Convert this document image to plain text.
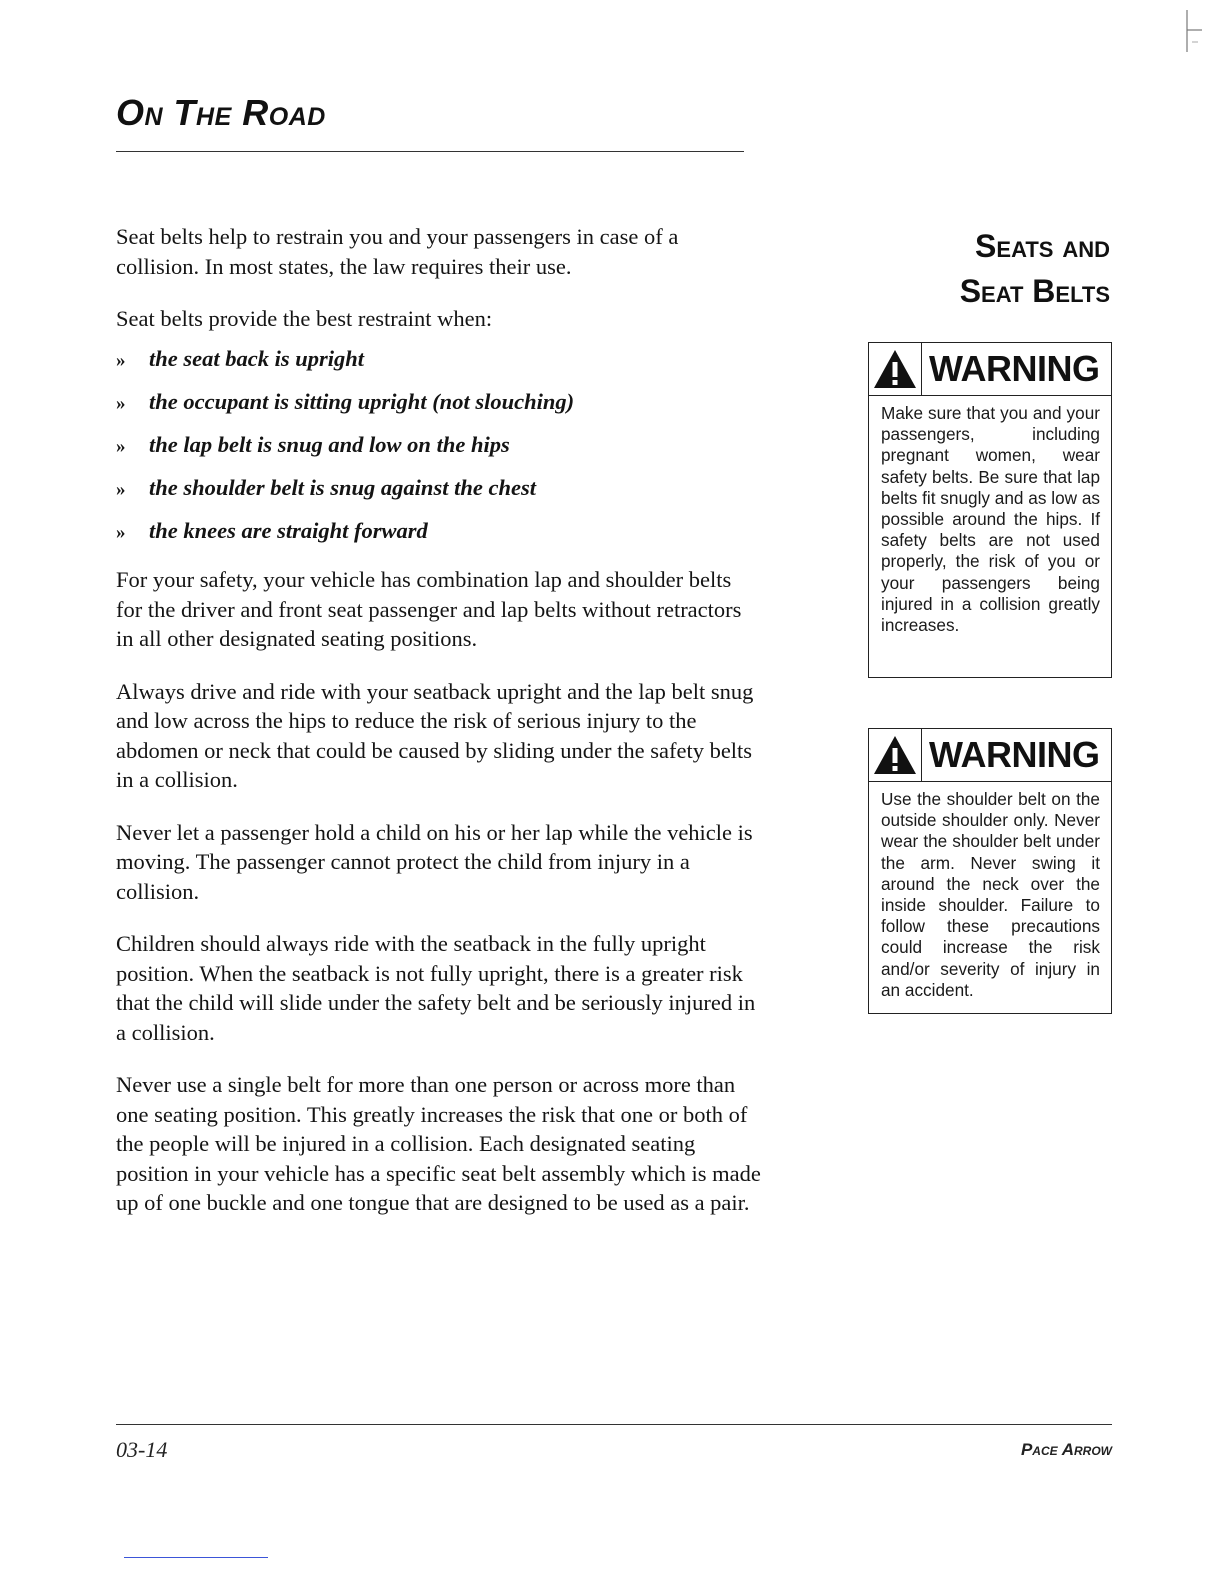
On The Road

Seat belts help to restrain you and your passengers in case of a collision. In most states, the law requires their use.

Seat belts provide the best restraint when:

»	the seat back is upright
»	the occupant is sitting upright (not slouching)
»	the lap belt is snug and low on the hips
»	the shoulder belt is snug against the chest
»	the knees are straight forward

For your safety, your vehicle has combination lap and shoulder belts for the driver and front seat passenger and lap belts without retractors in all other designated seating positions.

Always drive and ride with your seatback upright and the lap belt snug and low across the hips to reduce the risk of serious injury to the abdomen or neck that could be caused by sliding under the safety belts in a collision.

Never let a passenger hold a child on his or her lap while the vehicle is moving. The passenger cannot protect the child from injury in a collision.

Children should always ride with the seatback in the fully upright position. When the seatback is not fully upright, there is a greater risk that the child will slide under the safety belt and be seriously injured in a collision.

Never use a single belt for more than one person or across more than one seating position. This greatly increases the risk that one or both of the people will be injured in a collision. Each designated seating position in your vehicle has a specific seat belt assembly which is made up of one buckle and one tongue that are designed to be used as a pair.

Seats and
Seat Belts
WARNING
Make sure that you and your passengers, including pregnant women, wear safety belts. Be sure that lap belts fit snugly and as low as possible around the hips. If safety belts are not used properly, the risk of you or your passengers being injured in a collision greatly increases.
WARNING
Use the shoulder belt on the outside shoulder only. Never wear the shoulder belt under the arm. Never swing it around the neck over the inside shoulder. Failure to follow these precautions could increase the risk and/or severity of injury in an accident.
03-14	Pace Arrow
